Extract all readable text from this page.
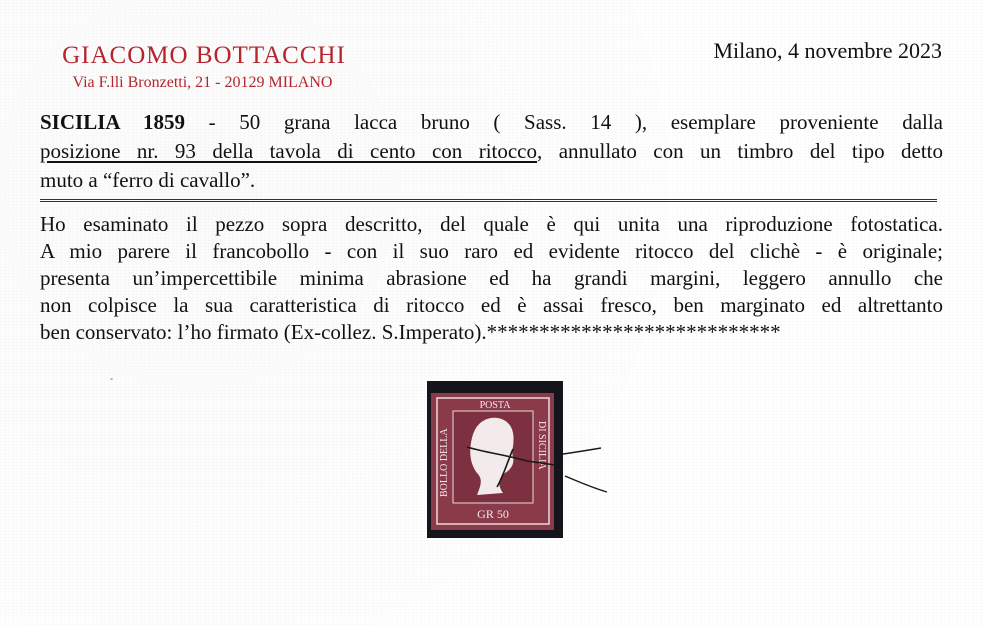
GIACOMO BOTTACCHI
Via F.lli Bronzetti, 21 - 20129 MILANO
Milano, 4 novembre 2023
SICILIA 1859 - 50 grana lacca bruno ( Sass. 14 ), esemplare proveniente dalla
posizione nr. 93 della tavola di cento con ritocco, annullato con un timbro del tipo detto
muto a “ferro di cavallo”.
Ho esaminato il pezzo sopra descritto, del quale è qui unita una riproduzione fotostatica.
A mio parere il francobollo - con il suo raro ed evidente ritocco del clichè - è originale;
presenta un’impercettibile minima abrasione ed ha grandi margini, leggero annullo che
non colpisce la sua caratteristica di ritocco ed è assai fresco, ben marginato ed altrettanto
ben conservato: l’ho firmato (Ex-collez. S.Imperato).****************************
POSTA
BOLLO DELLA	DI SICILIA
GR 50
